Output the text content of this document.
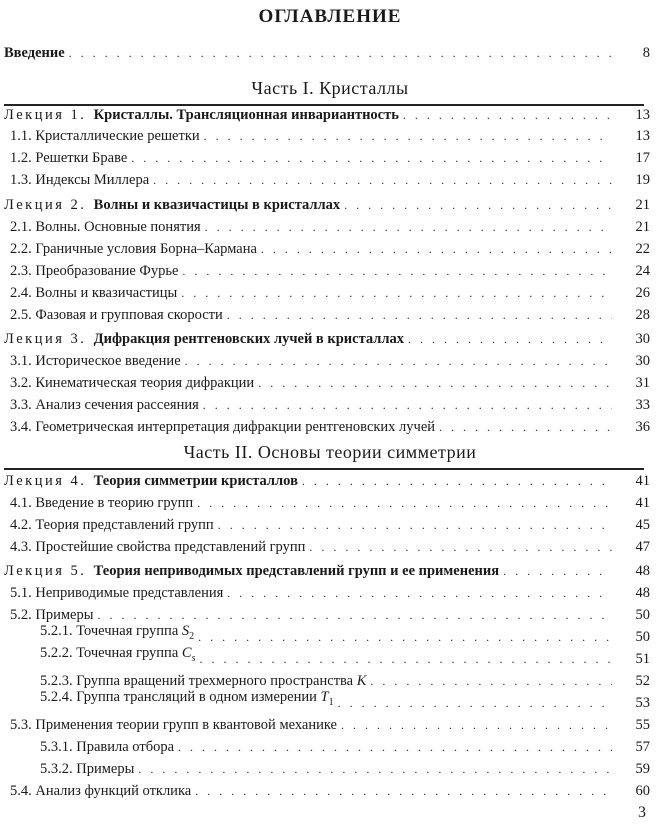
ОГЛАВЛЕНИЕ
Введение . . .	8
Часть I. Кристаллы
Лекция 1. Кристаллы. Трансляционная инвариантность . . .	13
1.1. Кристаллические решетки . . .	13
1.2. Решетки Браве . . .	17
1.3. Индексы Миллера . . .	19
Лекция 2. Волны и квазичастицы в кристаллах . . .	21
2.1. Волны. Основные понятия . . .	21
2.2. Граничные условия Борна–Кармана . . .	22
2.3. Преобразование Фурье . . .	24
2.4. Волны и квазичастицы . . .	26
2.5. Фазовая и групповая скорости . . .	28
Лекция 3. Дифракция рентгеновских лучей в кристаллах . . .	30
3.1. Историческое введение . . .	30
3.2. Кинематическая теория дифракции . . .	31
3.3. Анализ сечения рассеяния . . .	33
3.4. Геометрическая интерпретация дифракции рентгеновских лучей . . .	36
Часть II. Основы теории симметрии
Лекция 4. Теория симметрии кристаллов . . .	41
4.1. Введение в теорию групп . . .	41
4.2. Теория представлений групп . . .	45
4.3. Простейшие свойства представлений групп . . .	47
Лекция 5. Теория неприводимых представлений групп и ее применения . . .	48
5.1. Неприводимые представления . . .	48
5.2. Примеры . . .	50
5.2.1. Точечная группа $S_2$ . . .	50
5.2.2. Точечная группа $C_s$ . . .	51
5.2.3. Группа вращений трехмерного пространства K . . .	52
5.2.4. Группа трансляций в одном измерении $T_1$ . . .	53
5.3. Применения теории групп в квантовой механике . . .	55
5.3.1. Правила отбора . . .	57
5.3.2. Примеры . . .	59
5.4. Анализ функций отклика . . .	60
3
